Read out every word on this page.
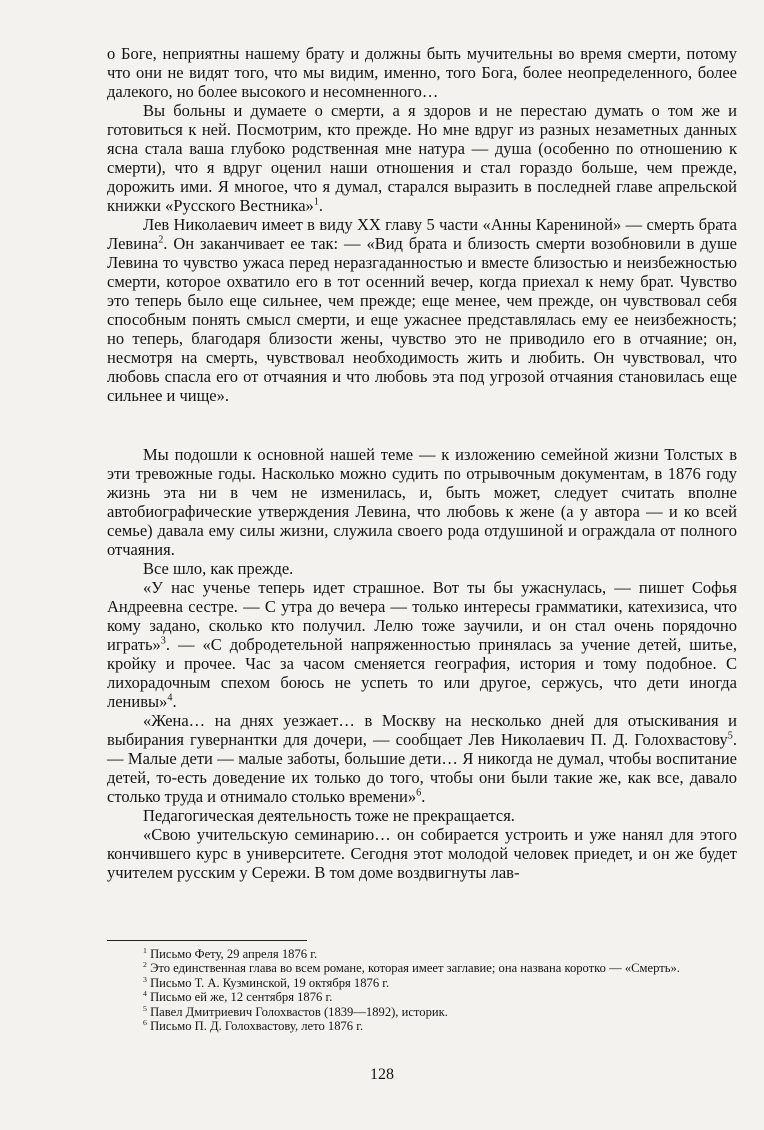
о Боге, неприятны нашему брату и должны быть мучительны во время смерти, потому что они не видят того, что мы видим, именно, того Бога, более неопределенного, более далекого, но более высокого и несомненного…

Вы больны и думаете о смерти, а я здоров и не перестаю думать о том же и готовиться к ней. Посмотрим, кто прежде. Но мне вдруг из разных незаметных данных ясна стала ваша глубоко родственная мне натура — душа (особенно по отношению к смерти), что я вдруг оценил наши отношения и стал гораздо больше, чем прежде, дорожить ими. Я многое, что я думал, старался выразить в последней главе апрельской книжки «Русского Вестника»$^1$.

Лев Николаевич имеет в виду XX главу 5 части «Анны Карениной» — смерть брата Левина$^2$. Он заканчивает ее так: — «Вид брата и близость смерти возобновили в душе Левина то чувство ужаса перед неразгаданностью и вместе близостью и неизбежностью смерти, которое охватило его в тот осенний вечер, когда приехал к нему брат. Чувство это теперь было еще сильнее, чем прежде; еще менее, чем прежде, он чувствовал себя способным понять смысл смерти, и еще ужаснее представлялась ему ее неизбежность; но теперь, благодаря близости жены, чувство это не приводило его в отчаяние; он, несмотря на смерть, чувствовал необходимость жить и любить. Он чувствовал, что любовь спасла его от отчаяния и что любовь эта под угрозой отчаяния становилась еще сильнее и чище».

Мы подошли к основной нашей теме — к изложению семейной жизни Толстых в эти тревожные годы. Насколько можно судить по отрывочным документам, в 1876 году жизнь эта ни в чем не изменилась, и, быть может, следует считать вполне автобиографические утверждения Левина, что любовь к жене (а у автора — и ко всей семье) давала ему силы жизни, служила своего рода отдушиной и ограждала от полного отчаяния.

Все шло, как прежде.

«У нас ученье теперь идет страшное. Вот ты бы ужаснулась, — пишет Софья Андреевна сестре. — С утра до вечера — только интересы грамматики, катехизиса, что кому задано, сколько кто получил. Лелю тоже заучили, и он стал очень порядочно играть»$^3$. — «С добродетельной напряженностью принялась за учение детей, шитье, кройку и прочее. Час за часом сменяется география, история и тому подобное. С лихорадочным спехом боюсь не успеть то или другое, сержусь, что дети иногда ленивы»$^4$.

«Жена… на днях уезжает… в Москву на несколько дней для отыскивания и выбирания гувернантки для дочери, — сообщает Лев Николаевич П. Д. Голохвастову$^5$. — Малые дети — малые заботы, большие дети… Я никогда не думал, чтобы воспитание детей, то-есть доведение их только до того, чтобы они были такие же, как все, давало столько труда и отнимало столько времени»$^6$.

Педагогическая деятельность тоже не прекращается.

«Свою учительскую семинарию… он собирается устроить и уже нанял для этого кончившего курс в университете. Сегодня этот молодой человек приедет, и он же будет учителем русским у Сережи. В том доме воздвигнуты лав-

$^1$ Письмо Фету, 29 апреля 1876 г.

$^2$ Это единственная глава во всем романе, которая имеет заглавие; она названа коротко — «Смерть».

$^3$ Письмо Т. А. Кузминской, 19 октября 1876 г.

$^4$ Письмо ей же, 12 сентября 1876 г.

$^5$ Павел Дмитриевич Голохвастов (1839—1892), историк.

$^6$ Письмо П. Д. Голохвастову, лето 1876 г.

128
